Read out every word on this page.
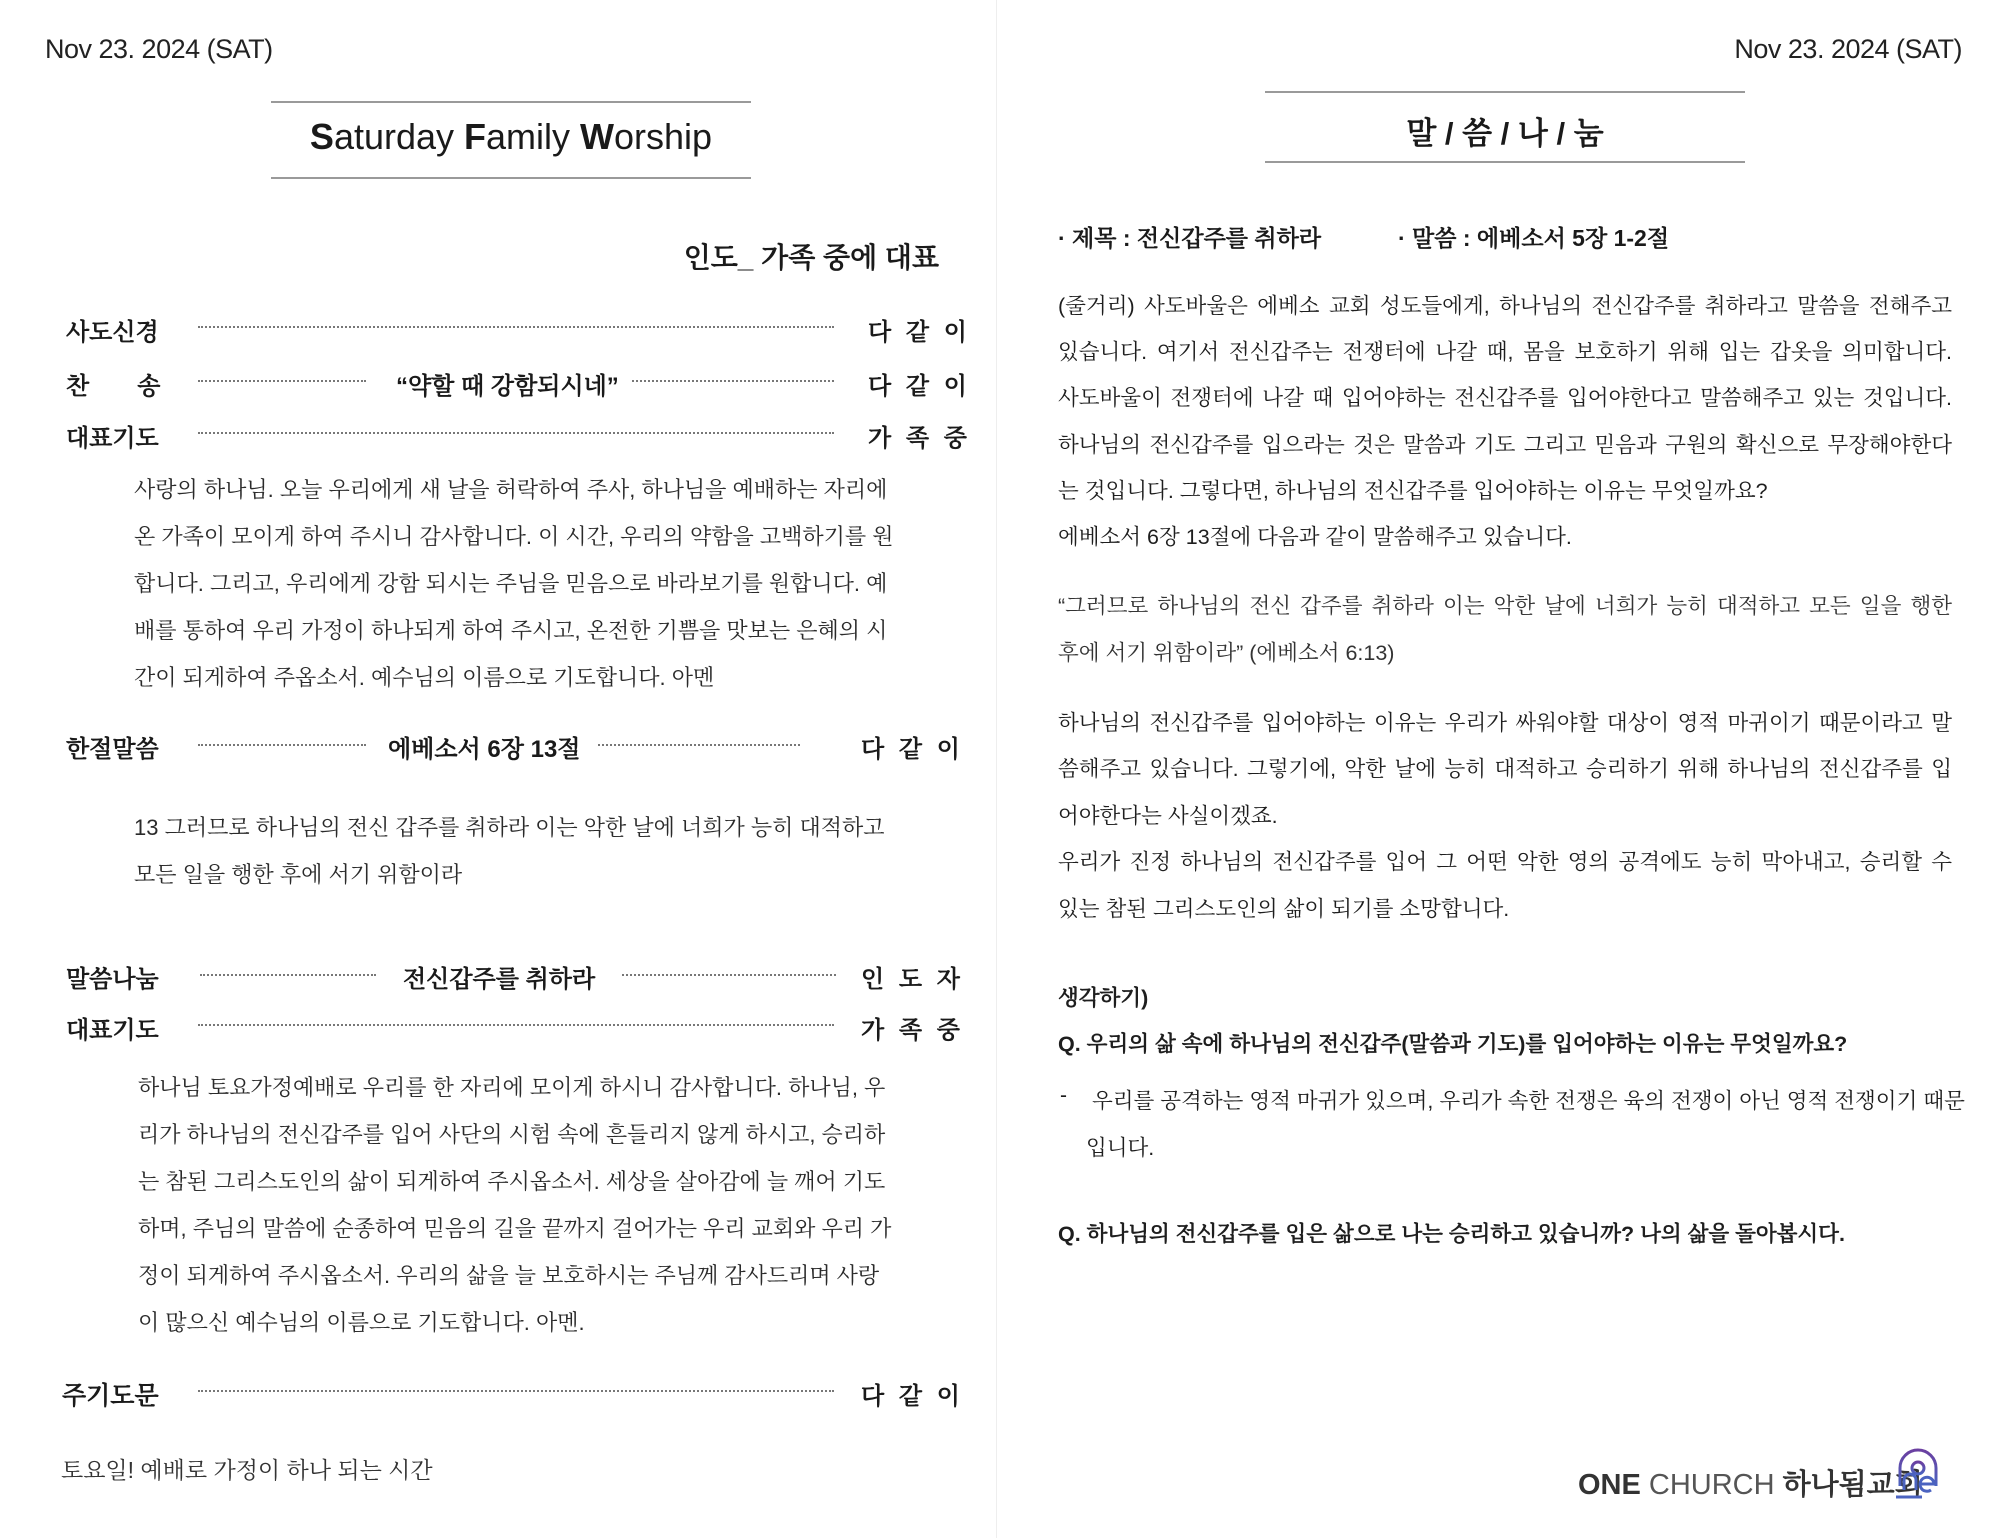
Nov 23. 2024 (SAT)
Saturday Family Worship
인도_ 가족 중에 대표
사도신경	다 같 이
찬 송	“약할 때 강함되시네”	다 같 이
대표기도	가 족 중
사랑의 하나님. 오늘 우리에게 새 날을 허락하여 주사, 하나님을 예배하는 자리에
온 가족이 모이게 하여 주시니 감사합니다. 이 시간, 우리의 약함을 고백하기를 원
합니다. 그리고, 우리에게 강함 되시는 주님을 믿음으로 바라보기를 원합니다. 예
배를 통하여 우리 가정이 하나되게 하여 주시고, 온전한 기쁨을 맛보는 은혜의 시
간이 되게하여 주옵소서. 예수님의 이름으로 기도합니다. 아멘
한절말씀	에베소서 6장 13절	다 같 이
13 그러므로 하나님의 전신 갑주를 취하라 이는 악한 날에 너희가 능히 대적하고
모든 일을 행한 후에 서기 위함이라
말씀나눔	전신갑주를 취하라	인 도 자
대표기도	가 족 중
하나님 토요가정예배로 우리를 한 자리에 모이게 하시니 감사합니다. 하나님, 우
리가 하나님의 전신갑주를 입어 사단의 시험 속에 흔들리지 않게 하시고, 승리하
는 참된 그리스도인의 삶이 되게하여 주시옵소서. 세상을 살아감에 늘 깨어 기도
하며, 주님의 말씀에 순종하여 믿음의 길을 끝까지 걸어가는 우리 교회와 우리 가
정이 되게하여 주시옵소서. 우리의 삶을 늘 보호하시는 주님께 감사드리며 사랑
이 많으신 예수님의 이름으로 기도합니다. 아멘.
주기도문	다 같 이
토요일! 예배로 가정이 하나 되는 시간
Nov 23. 2024 (SAT)
말 / 씀 / 나 / 눔
· 제목 : 전신갑주를 취하라	· 말씀 : 에베소서 5장 1-2절
(줄거리) 사도바울은 에베소 교회 성도들에게, 하나님의 전신갑주를 취하라고 말씀을 전해주고
있습니다. 여기서 전신갑주는 전쟁터에 나갈 때, 몸을 보호하기 위해 입는 갑옷을 의미합니다.
사도바울이 전쟁터에 나갈 때 입어야하는 전신갑주를 입어야한다고 말씀해주고 있는 것입니다.
하나님의 전신갑주를 입으라는 것은 말씀과 기도 그리고 믿음과 구원의 확신으로 무장해야한다
는 것입니다. 그렇다면, 하나님의 전신갑주를 입어야하는 이유는 무엇일까요?
에베소서 6장 13절에 다음과 같이 말씀해주고 있습니다.
“그러므로 하나님의 전신 갑주를 취하라 이는 악한 날에 너희가 능히 대적하고 모든 일을 행한
후에 서기 위함이라” (에베소서 6:13)
하나님의 전신갑주를 입어야하는 이유는 우리가 싸워야할 대상이 영적 마귀이기 때문이라고 말
씀해주고 있습니다. 그렇기에, 악한 날에 능히 대적하고 승리하기 위해 하나님의 전신갑주를 입
어야한다는 사실이겠죠.
우리가 진정 하나님의 전신갑주를 입어 그 어떤 악한 영의 공격에도 능히 막아내고, 승리할 수
있는 참된 그리스도인의 삶이 되기를 소망합니다.
생각하기)
Q. 우리의 삶 속에 하나님의 전신갑주(말씀과 기도)를 입어야하는 이유는 무엇일까요?
- 우리를 공격하는 영적 마귀가 있으며, 우리가 속한 전쟁은 육의 전쟁이 아닌 영적 전쟁이기 때문
입니다.
Q. 하나님의 전신갑주를 입은 삶으로 나는 승리하고 있습니까? 나의 삶을 돌아봅시다.
ONE CHURCH 하나됨교회
